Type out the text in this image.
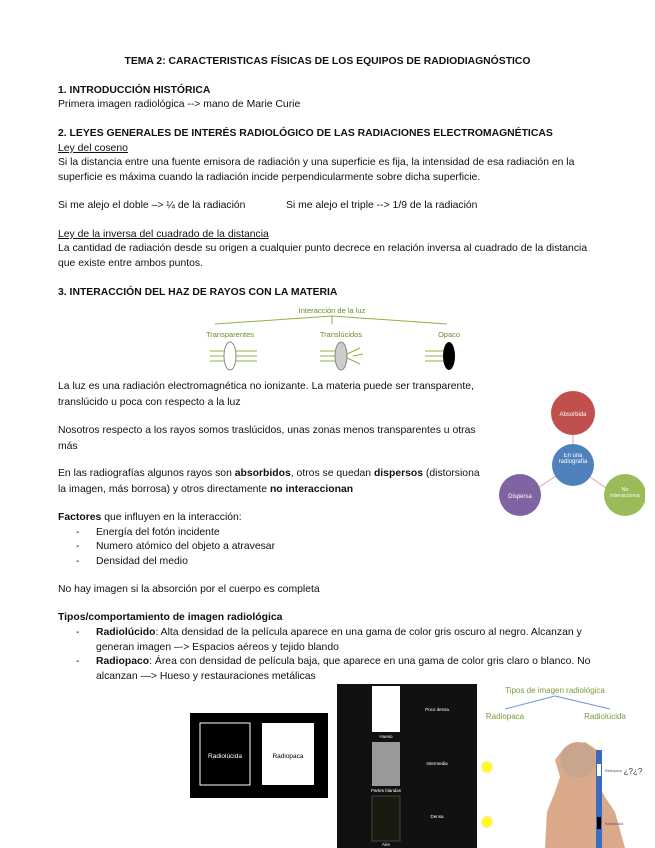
TEMA 2: CARACTERISTICAS FÍSICAS DE LOS EQUIPOS DE RADIODIAGNÓSTICO
1. INTRODUCCIÓN HISTÓRICA
Primera imagen radiológica --> mano de Marie Curie
2. LEYES GENERALES DE INTERÉS RADIOLÓGICO DE LAS RADIACIONES ELECTROMAGNÉTICAS
Ley del coseno
Si la distancia entre una fuente emisora de radiación y una superficie es fija, la intensidad de esa radiación en la
superficie es máxima cuando la radiación incide perpendicularmente sobre dicha superficie.
Si me alejo el doble –> ¼ de la radiación	Si me alejo el triple --> 1/9 de la radiación
Ley de la inversa del cuadrado de la distancia
La cantidad de radiación desde su origen a cualquier punto decrece en relación inversa al cuadrado de la distancia
que existe entre ambos puntos.
3. INTERACCIÓN DEL HAZ DE RAYOS CON LA MATERIA
Interacción de la luz
Transparentes	Translúcidos	Opaco
La luz es una radiación electromagnética no ionizante. La materia puede ser transparente,
translúcido u poca con respecto a la luz
Nosotros respecto a los rayos somos traslúcidos, unas zonas menos transparentes u otras
más
En las radiografías algunos rayos son absorbidos, otros se quedan dispersos (distorsiona
la imagen, más borrosa) y otros directamente no interaccionan
Absorbida
En una radiografía
Dispersa
No interacciona
Factores que influyen en la interacción:
- Energía del fotón incidente
- Numero atómico del objeto a atravesar
- Densidad del medio
No hay imagen si la absorción por el cuerpo es completa
Tipos/comportamiento de imagen radiológica
- Radiolúcido: Alta densidad de la película aparece en una gama de color gris oscuro al negro. Alcanzan y
generan imagen –-> Espacios aéreos y tejido blando
- Radiopaco: Área con densidad de película baja, que aparece en una gama de color gris claro o blanco. No
alcanzan —> Hueso y restauraciones metálicas
Radiolúcida	Radiopaca
Hueso
Partes blandas
Aire
Poco densa
Intermedia
Densa
Tipos de imagen radiológica
Radiopaca	Radiolúcida
¿?¿?
Radiopaca
Radiolúcida
